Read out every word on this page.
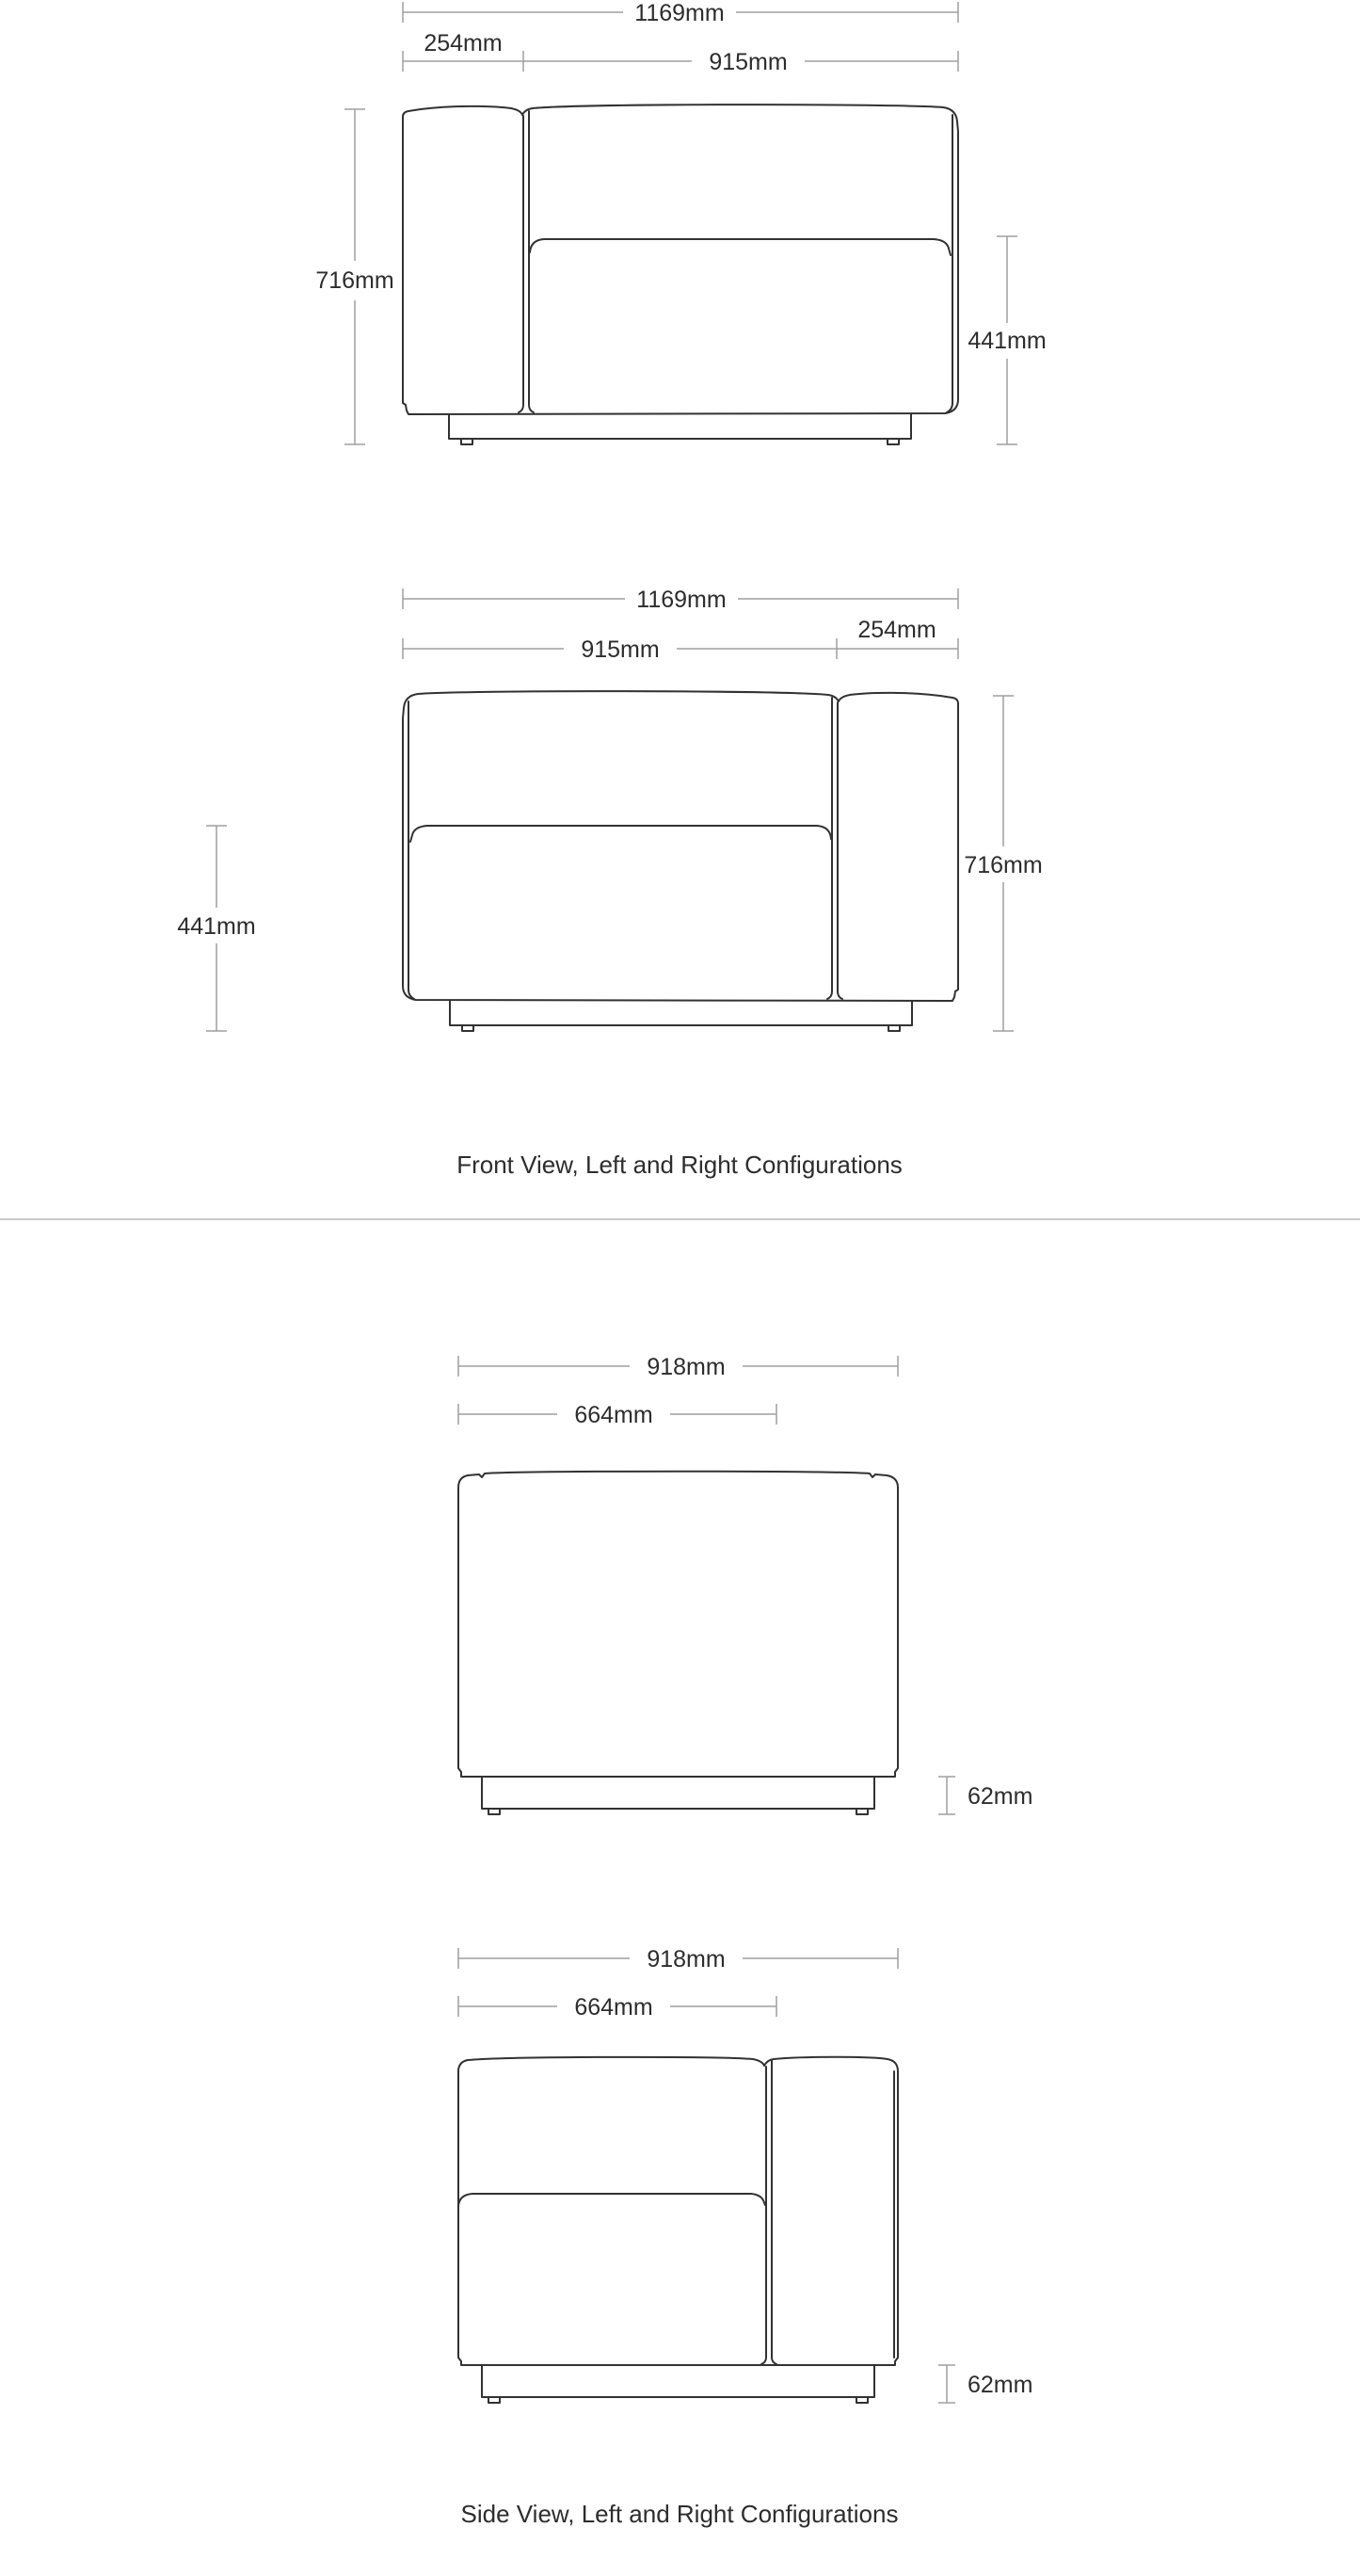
1169mm
254mm
915mm
716mm
441mm
1169mm
915mm
254mm
441mm
716mm
918mm
664mm
62mm
918mm
664mm
62mm
Front View, Left and Right Configurations
Side View, Left and Right Configurations
